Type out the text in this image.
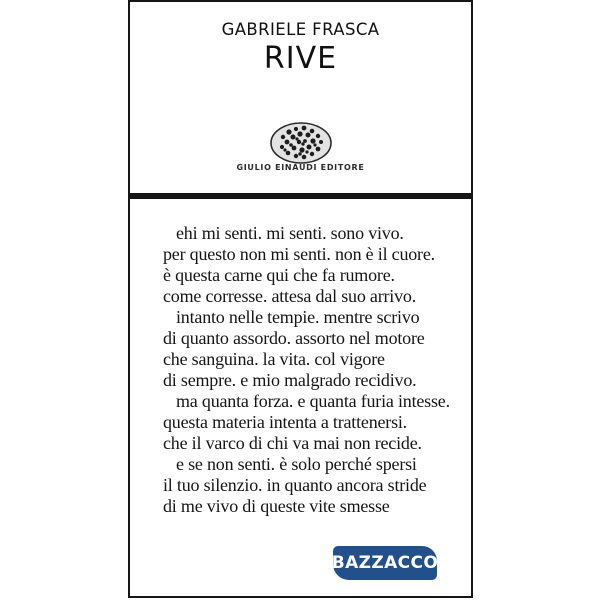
GABRIELE FRASCA
RIVE
GIULIO EINAUDI EDITORE
ehi mi senti. mi senti. sono vivo.
per questo non mi senti. non è il cuore.
è questa carne qui che fa rumore.
come corresse. attesa dal suo arrivo.
intanto nelle tempie. mentre scrivo
di quanto assordo. assorto nel motore
che sanguina. la vita. col vigore
di sempre. e mio malgrado recidivo.
ma quanta forza. e quanta furia intesse.
questa materia intenta a trattenersi.
che il varco di chi va mai non recide.
e se non senti. è solo perché spersi
il tuo silenzio. in quanto ancora stride
di me vivo di queste vite smesse
BAZZACCO
